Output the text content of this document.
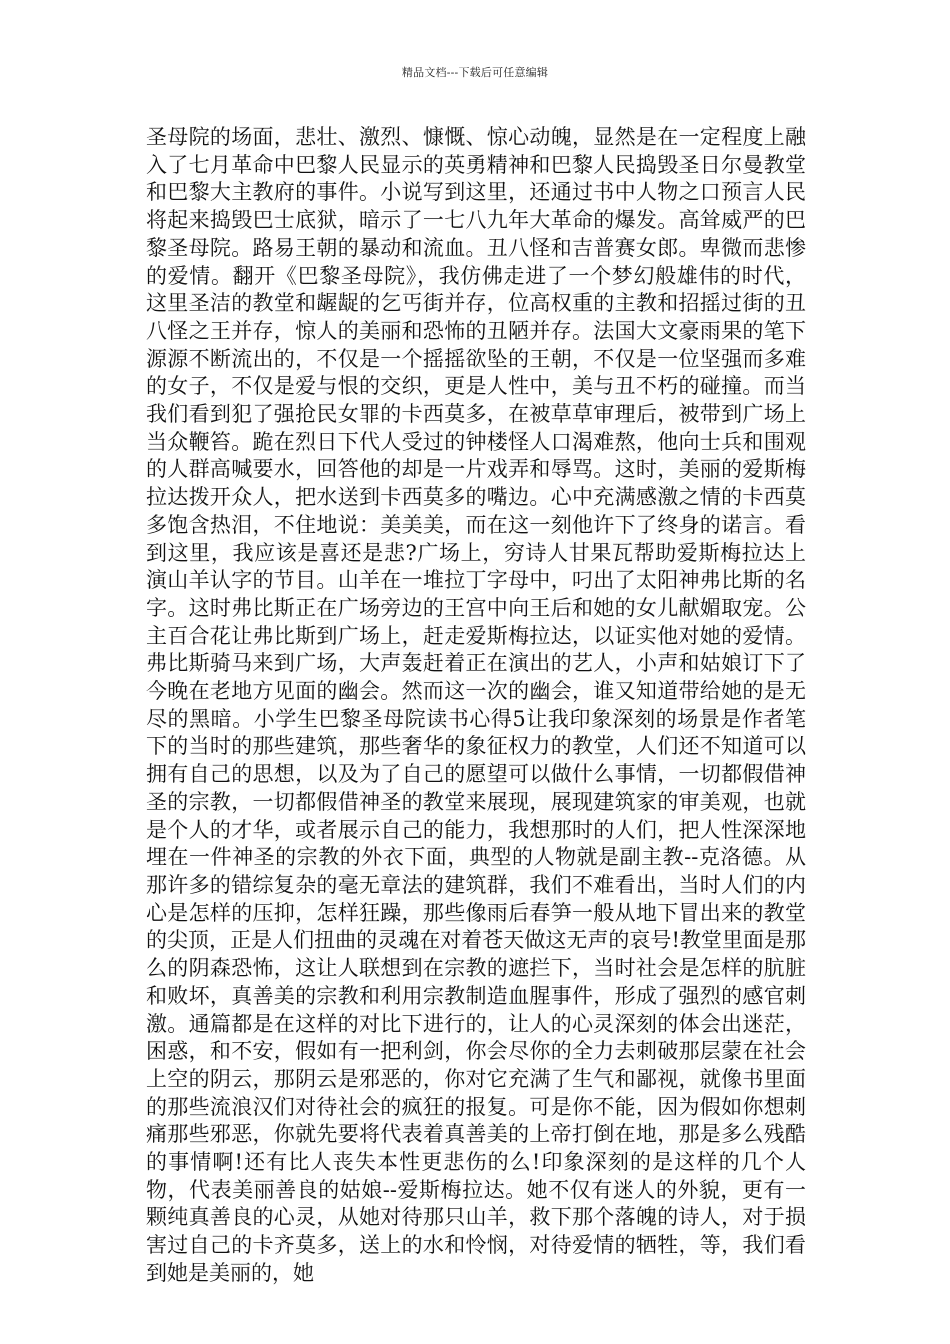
精品文档---下载后可任意编辑

圣母院的场面，悲壮、激烈、慷慨、惊心动魄，显然是在一定程度上融入了七月革命中巴黎人民显示的英勇精神和巴黎人民捣毁圣日尔曼教堂和巴黎大主教府的事件。小说写到这里，还通过书中人物之口预言人民将起来捣毁巴士底狱，暗示了一七八九年大革命的爆发。高耸威严的巴黎圣母院。路易王朝的暴动和流血。丑八怪和吉普赛女郎。卑微而悲惨的爱情。翻开《巴黎圣母院》，我仿佛走进了一个梦幻般雄伟的时代，这里圣洁的教堂和龌龊的乞丐街并存，位高权重的主教和招摇过街的丑八怪之王并存，惊人的美丽和恐怖的丑陋并存。法国大文豪雨果的笔下源源不断流出的，不仅是一个摇摇欲坠的王朝，不仅是一位坚强而多难的女子，不仅是爱与恨的交织，更是人性中，美与丑不朽的碰撞。而当我们看到犯了强抢民女罪的卡西莫多，在被草草审理后，被带到广场上当众鞭笞。跪在烈日下代人受过的钟楼怪人口渴难熬，他向士兵和围观的人群高喊要水，回答他的却是一片戏弄和辱骂。这时，美丽的爱斯梅拉达拨开众人，把水送到卡西莫多的嘴边。心中充满感激之情的卡西莫多饱含热泪，不住地说：美美美，而在这一刻他许下了终身的诺言。看到这里，我应该是喜还是悲?广场上，穷诗人甘果瓦帮助爱斯梅拉达上演山羊认字的节目。山羊在一堆拉丁字母中，叼出了太阳神弗比斯的名字。这时弗比斯正在广场旁边的王宫中向王后和她的女儿献媚取宠。公主百合花让弗比斯到广场上，赶走爱斯梅拉达，以证实他对她的爱情。弗比斯骑马来到广场，大声轰赶着正在演出的艺人，小声和姑娘订下了今晚在老地方见面的幽会。然而这一次的幽会，谁又知道带给她的是无尽的黑暗。小学生巴黎圣母院读书心得5让我印象深刻的场景是作者笔下的当时的那些建筑，那些奢华的象征权力的教堂，人们还不知道可以拥有自己的思想，以及为了自己的愿望可以做什么事情，一切都假借神圣的宗教，一切都假借神圣的教堂来展现，展现建筑家的审美观，也就是个人的才华，或者展示自己的能力，我想那时的人们，把人性深深地埋在一件神圣的宗教的外衣下面，典型的人物就是副主教--克洛德。从那许多的错综复杂的毫无章法的建筑群，我们不难看出，当时人们的内心是怎样的压抑，怎样狂躁，那些像雨后春笋一般从地下冒出来的教堂的尖顶，正是人们扭曲的灵魂在对着苍天做这无声的哀号!教堂里面是那么的阴森恐怖，这让人联想到在宗教的遮拦下，当时社会是怎样的肮脏和败坏，真善美的宗教和利用宗教制造血腥事件，形成了强烈的感官刺激。通篇都是在这样的对比下进行的，让人的心灵深刻的体会出迷茫，困惑，和不安，假如有一把利剑，你会尽你的全力去刺破那层蒙在社会上空的阴云，那阴云是邪恶的，你对它充满了生气和鄙视，就像书里面的那些流浪汉们对待社会的疯狂的报复。可是你不能，因为假如你想刺痛那些邪恶，你就先要将代表着真善美的上帝打倒在地，那是多么残酷的事情啊!还有比人丧失本性更悲伤的么!印象深刻的是这样的几个人物，代表美丽善良的姑娘--爱斯梅拉达。她不仅有迷人的外貌，更有一颗纯真善良的心灵，从她对待那只山羊，救下那个落魄的诗人，对于损害过自己的卡齐莫多，送上的水和怜悯，对待爱情的牺牲，等，我们看到她是美丽的，她
